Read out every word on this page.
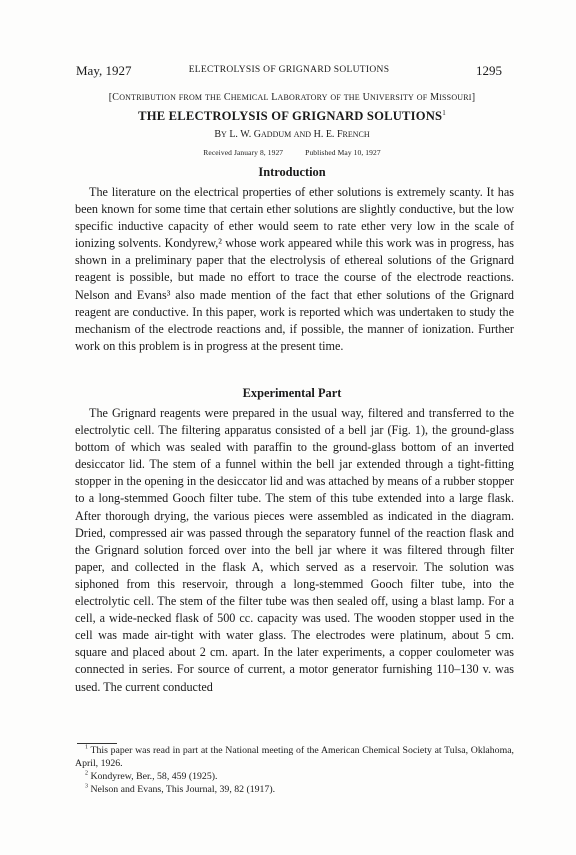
May, 1927	ELECTROLYSIS OF GRIGNARD SOLUTIONS	1295
[CONTRIBUTION FROM THE CHEMICAL LABORATORY OF THE UNIVERSITY OF MISSOURI]
THE ELECTROLYSIS OF GRIGNARD SOLUTIONS$^1$
BY L. W. GADDUM AND H. E. FRENCH
Received January 8, 1927	Published May 10, 1927
Introduction
The literature on the electrical properties of ether solutions is extremely scanty. It has been known for some time that certain ether solutions are slightly conductive, but the low specific inductive capacity of ether would seem to rate ether very low in the scale of ionizing solvents. Kondyrew,² whose work appeared while this work was in progress, has shown in a preliminary paper that the electrolysis of ethereal solutions of the Grignard reagent is possible, but made no effort to trace the course of the electrode reactions. Nelson and Evans³ also made mention of the fact that ether solutions of the Grignard reagent are conductive. In this paper, work is reported which was undertaken to study the mechanism of the electrode reactions and, if possible, the manner of ionization. Further work on this problem is in progress at the present time.
Experimental Part
The Grignard reagents were prepared in the usual way, filtered and transferred to the electrolytic cell. The filtering apparatus consisted of a bell jar (Fig. 1), the ground-glass bottom of which was sealed with paraffin to the ground-glass bottom of an inverted desiccator lid. The stem of a funnel within the bell jar extended through a tight-fitting stopper in the opening in the desiccator lid and was attached by means of a rubber stopper to a long-stemmed Gooch filter tube. The stem of this tube extended into a large flask. After thorough drying, the various pieces were assembled as indicated in the diagram. Dried, compressed air was passed through the separatory funnel of the reaction flask and the Grignard solution forced over into the bell jar where it was filtered through filter paper, and collected in the flask A, which served as a reservoir. The solution was siphoned from this reservoir, through a long-stemmed Gooch filter tube, into the electrolytic cell. The stem of the filter tube was then sealed off, using a blast lamp. For a cell, a wide-necked flask of 500 cc. capacity was used. The wooden stopper used in the cell was made air-tight with water glass. The electrodes were platinum, about 5 cm. square and placed about 2 cm. apart. In the later experiments, a copper coulometer was connected in series. For source of current, a motor generator furnishing 110–130 v. was used. The current conducted
$^1$ This paper was read in part at the National meeting of the American Chemical Society at Tulsa, Oklahoma, April, 1926.
$^2$ Kondyrew, Ber., 58, 459 (1925).
$^3$ Nelson and Evans, This Journal, 39, 82 (1917).
